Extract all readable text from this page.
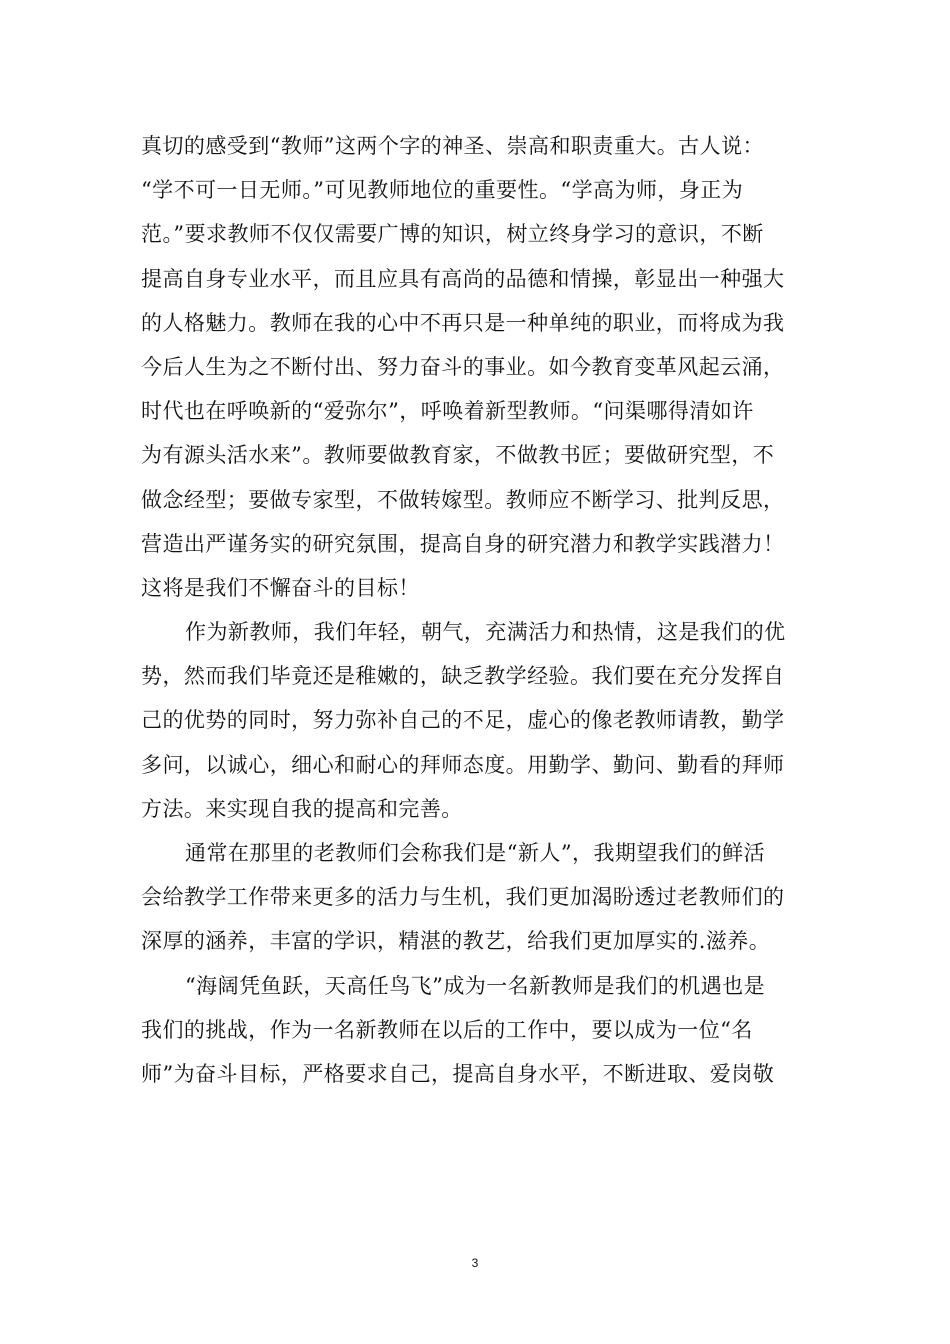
真切的感受到“教师”这两个字的神圣、崇高和职责重大。古人说：
“学不可一日无师。”可见教师地位的重要性。“学高为师，身正为
范。”要求教师不仅仅需要广博的知识，树立终身学习的意识，不断
提高自身专业水平，而且应具有高尚的品德和情操，彰显出一种强大
的人格魅力。教师在我的心中不再只是一种单纯的职业，而将成为我
今后人生为之不断付出、努力奋斗的事业。如今教育变革风起云涌，
时代也在呼唤新的“爱弥尔”，呼唤着新型教师。“问渠哪得清如许
为有源头活水来”。教师要做教育家，不做教书匠；要做研究型，不
做念经型；要做专家型，不做转嫁型。教师应不断学习、批判反思，
营造出严谨务实的研究氛围，提高自身的研究潜力和教学实践潜力！
这将是我们不懈奋斗的目标！
作为新教师，我们年轻，朝气，充满活力和热情，这是我们的优
势，然而我们毕竟还是稚嫩的，缺乏教学经验。我们要在充分发挥自
己的优势的同时，努力弥补自己的不足，虚心的像老教师请教，勤学
多问，以诚心，细心和耐心的拜师态度。用勤学、勤问、勤看的拜师
方法。来实现自我的提高和完善。
通常在那里的老教师们会称我们是“新人”，我期望我们的鲜活
会给教学工作带来更多的活力与生机，我们更加渴盼透过老教师们的
深厚的涵养，丰富的学识，精湛的教艺，给我们更加厚实的.滋养。
“海阔凭鱼跃，天高任鸟飞”成为一名新教师是我们的机遇也是
我们的挑战，作为一名新教师在以后的工作中，要以成为一位“名
师”为奋斗目标，严格要求自己，提高自身水平，不断进取、爱岗敬
3
